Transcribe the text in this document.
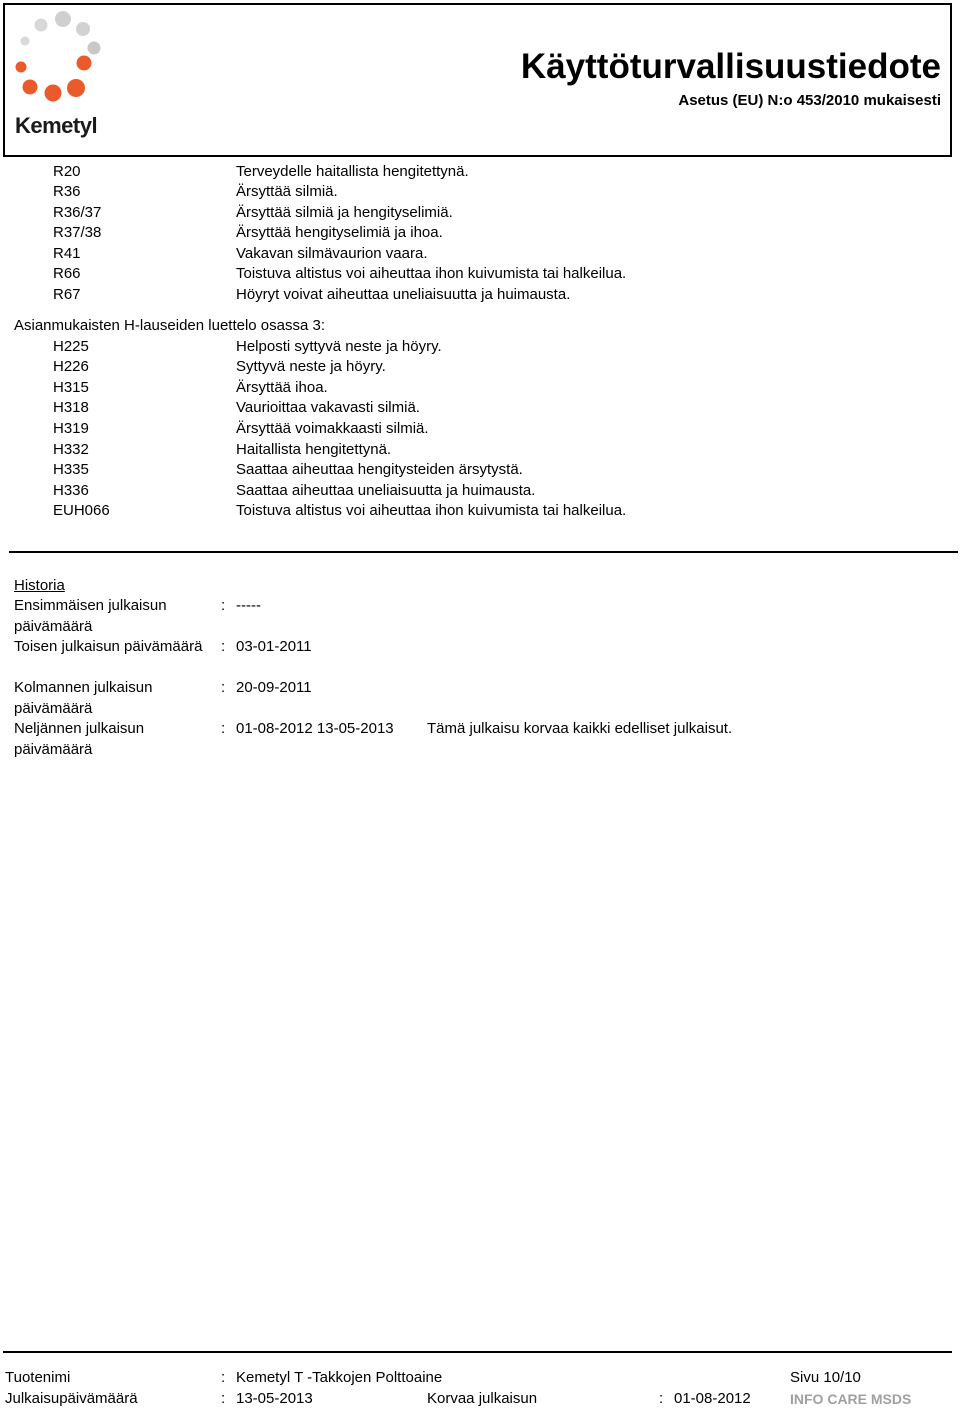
Kemetyl
Käyttöturvallisuustiedote
Asetus (EU) N:o 453/2010 mukaisesti
R20	Terveydelle haitallista hengitettynä.
R36	Ärsyttää silmiä.
R36/37	Ärsyttää silmiä ja hengityselimiä.
R37/38	Ärsyttää hengityselimiä ja ihoa.
R41	Vakavan silmävaurion vaara.
R66	Toistuva altistus voi aiheuttaa ihon kuivumista tai halkeilua.
R67	Höyryt voivat aiheuttaa uneliaisuutta ja huimausta.
Asianmukaisten H-lauseiden luettelo osassa 3:
H225	Helposti syttyvä neste ja höyry.
H226	Syttyvä neste ja höyry.
H315	Ärsyttää ihoa.
H318	Vaurioittaa vakavasti silmiä.
H319	Ärsyttää voimakkaasti silmiä.
H332	Haitallista hengitettynä.
H335	Saattaa aiheuttaa hengitysteiden ärsytystä.
H336	Saattaa aiheuttaa uneliaisuutta ja huimausta.
EUH066	Toistuva altistus voi aiheuttaa ihon kuivumista tai halkeilua.
Historia
Ensimmäisen julkaisun päivämäärä
: -----
Toisen julkaisun päivämäärä	: 03-01-2011
Kolmannen julkaisun päivämäärä
: 20-09-2011
Neljännen julkaisun päivämäärä
: 01-08-2012 13-05-2013 Tämä julkaisu korvaa kaikki edelliset julkaisut.
Tuotenimi	: Kemetyl T -Takkojen Polttoaine	Sivu 10/10
Julkaisupäivämäärä	: 13-05-2013	Korvaa julkaisun	: 01-08-2012	INFO CARE MSDS
